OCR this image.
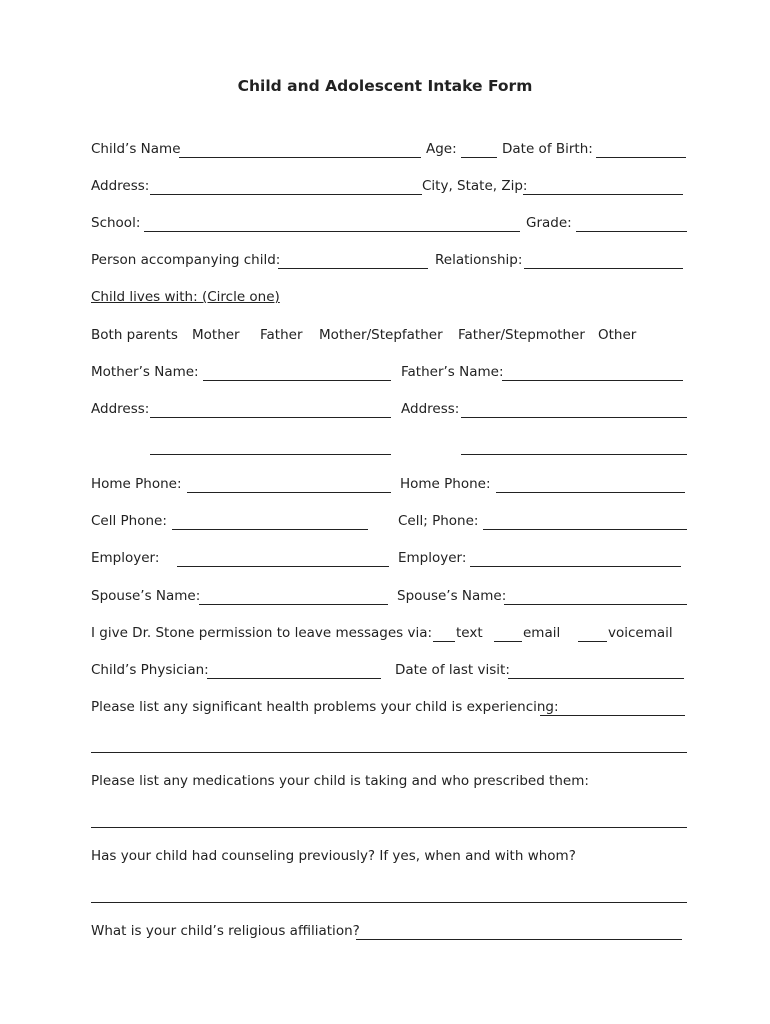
Child and Adolescent Intake Form
Child’s Name	Age:	Date of Birth:
Address:	City, State, Zip:
School:	Grade:
Person accompanying child:	Relationship:
Child lives with: (Circle one)
Both parents Mother Father Mother/Stepfather Father/Stepmother Other
Mother’s Name:	Father’s Name:
Address:	Address:
Home Phone:	Home Phone:
Cell Phone:	Cell; Phone:
Employer:	Employer:
Spouse’s Name:	Spouse’s Name:
I give Dr. Stone permission to leave messages via: text	email	voicemail
Child’s Physician:	Date of last visit:
Please list any significant health problems your child is experiencing:
Please list any medications your child is taking and who prescribed them:
Has your child had counseling previously? If yes, when and with whom?
What is your child’s religious affiliation?
